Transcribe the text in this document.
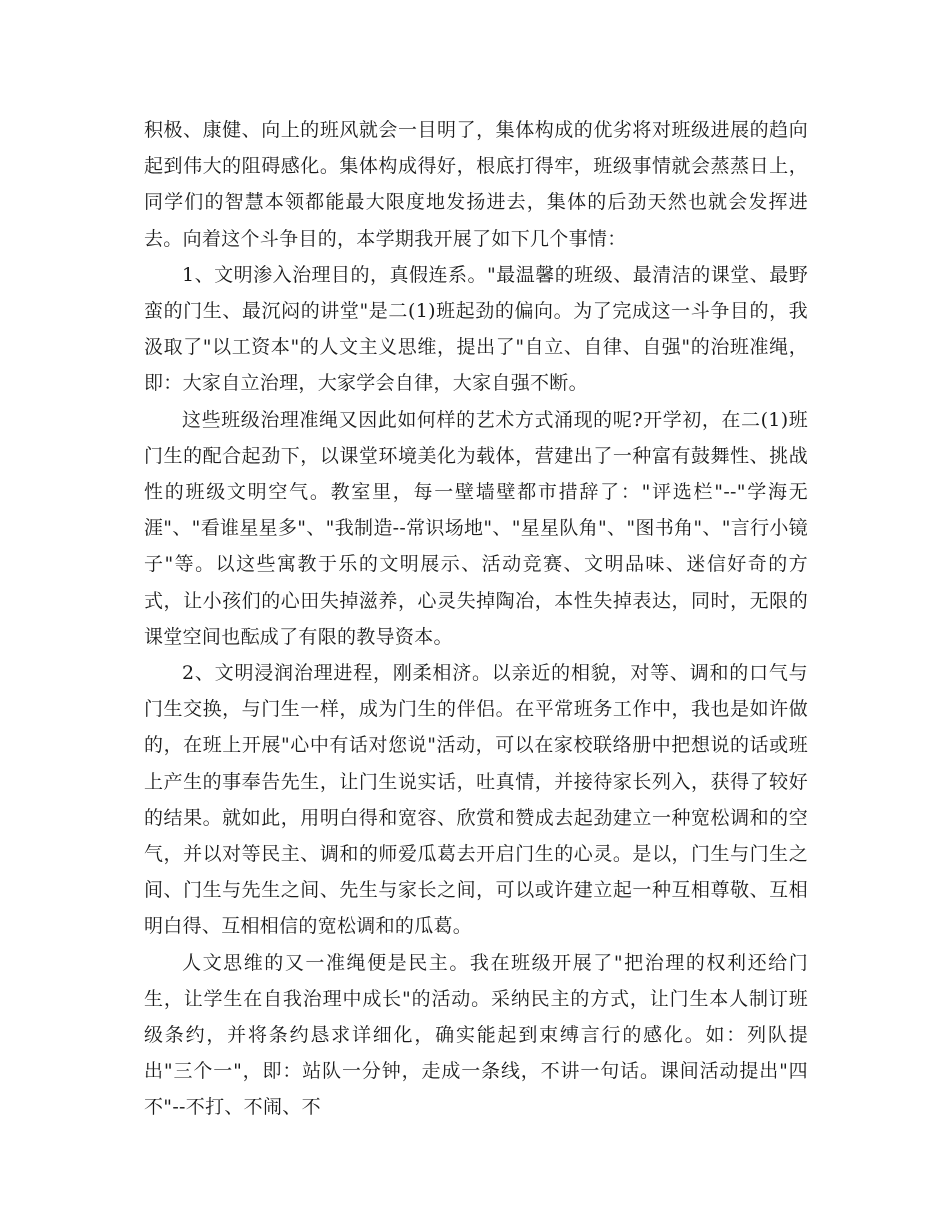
积极、康健、向上的班风就会一目明了，集体构成的优劣将对班级进展的趋向起到伟大的阻碍感化。集体构成得好，根底打得牢，班级事情就会蒸蒸日上，同学们的智慧本领都能最大限度地发扬进去，集体的后劲天然也就会发挥进去。向着这个斗争目的，本学期我开展了如下几个事情：

1、文明渗入治理目的，真假连系。"最温馨的班级、最清洁的课堂、最野蛮的门生、最沉闷的讲堂"是二(1)班起劲的偏向。为了完成这一斗争目的，我汲取了"以工资本"的人文主义思维，提出了"自立、自律、自强"的治班准绳，即：大家自立治理，大家学会自律，大家自强不断。

这些班级治理准绳又因此如何样的艺术方式涌现的呢?开学初，在二(1)班门生的配合起劲下，以课堂环境美化为载体，营建出了一种富有鼓舞性、挑战性的班级文明空气。教室里，每一壁墙壁都市措辞了："评选栏"--"学海无涯"、"看谁星星多"、"我制造--常识场地"、"星星队角"、"图书角"、"言行小镜子"等。以这些寓教于乐的文明展示、活动竞赛、文明品味、迷信好奇的方式，让小孩们的心田失掉滋养，心灵失掉陶冶，本性失掉表达，同时，无限的课堂空间也酝成了有限的教导资本。

2、文明浸润治理进程，刚柔相济。以亲近的相貌，对等、调和的口气与门生交换，与门生一样，成为门生的伴侣。在平常班务工作中，我也是如许做的，在班上开展"心中有话对您说"活动，可以在家校联络册中把想说的话或班上产生的事奉告先生，让门生说实话，吐真情，并接待家长列入，获得了较好的结果。就如此，用明白得和宽容、欣赏和赞成去起劲建立一种宽松调和的空气，并以对等民主、调和的师爱瓜葛去开启门生的心灵。是以，门生与门生之间、门生与先生之间、先生与家长之间，可以或许建立起一种互相尊敬、互相明白得、互相相信的宽松调和的瓜葛。

人文思维的又一准绳便是民主。我在班级开展了"把治理的权利还给门生，让学生在自我治理中成长"的活动。采纳民主的方式，让门生本人制订班级条约，并将条约恳求详细化，确实能起到束缚言行的感化。如：列队提出"三个一"，即：站队一分钟，走成一条线，不讲一句话。课间活动提出"四不"--不打、不闹、不
